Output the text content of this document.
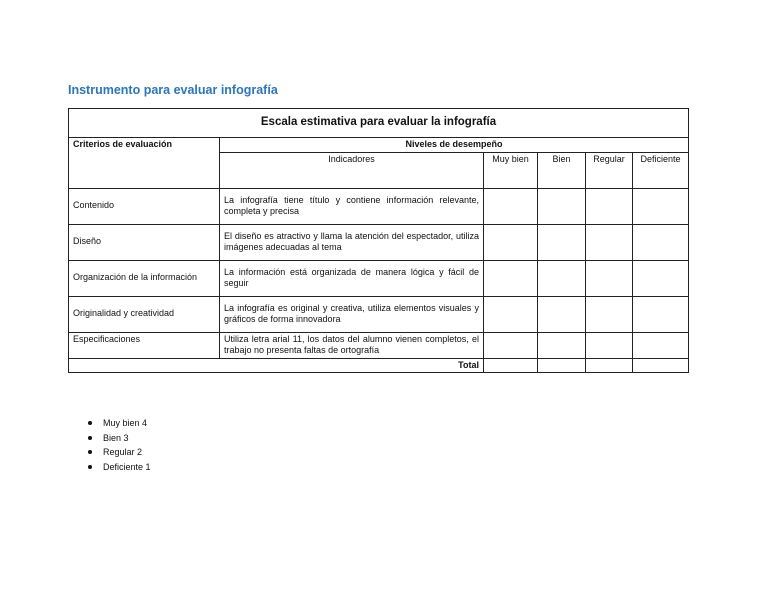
Instrumento para evaluar infografía
Escala estimativa para evaluar la infografía					
Criterios de evaluación	Niveles de desempeño				
	Indicadores	Muy bien	Bien	Regular	Deficiente
Contenido	La infografía tiene título y contiene información relevante, completa y precisa				
Diseño	El diseño es atractivo y llama la atención del espectador, utiliza imágenes adecuadas al tema				
Organización de la información	La información está organizada de manera lógica y fácil de seguir				
Originalidad y creatividad	La infografía es original y creativa, utiliza elementos visuales y gráficos de forma innovadora				
Especificaciones	Utiliza letra arial 11, los datos del alumno vienen completos, el trabajo no presenta faltas de ortografía				
Total					
Muy bien 4
Bien 3
Regular 2
Deficiente 1
